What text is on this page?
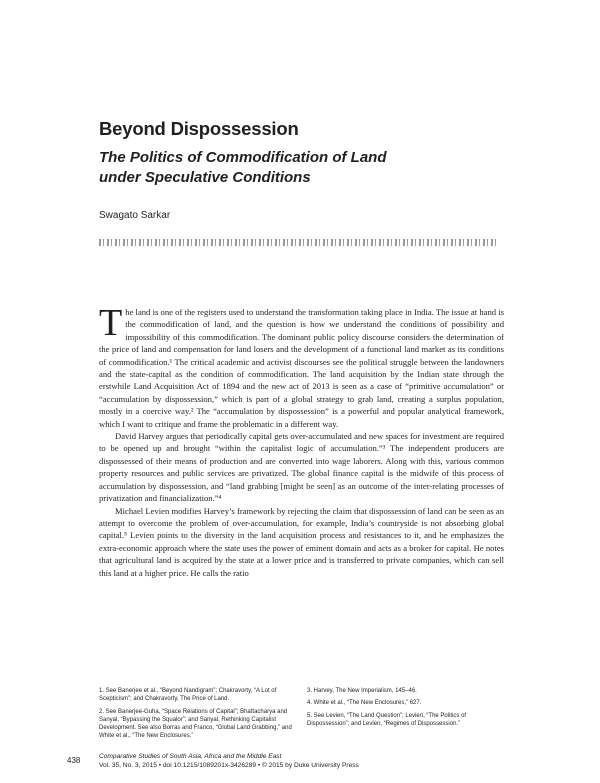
Beyond Dispossession
The Politics of Commodification of Land under Speculative Conditions
Swagato Sarkar

The land is one of the registers used to understand the transformation taking place in India. The issue at hand is the commodification of land, and the question is how we understand the conditions of possibility and impossibility of this commodification. The dominant public policy discourse considers the determination of the price of land and compensation for land losers and the development of a functional land market as its conditions of commodification.¹ The critical academic and activist discourses see the political struggle between the landowners and the state-capital as the condition of commodification. The land acquisition by the Indian state through the erstwhile Land Acquisition Act of 1894 and the new act of 2013 is seen as a case of “primitive accumulation” or “accumulation by dispossession,” which is part of a global strategy to grab land, creating a surplus population, mostly in a coercive way.² The “accumulation by dispossession” is a powerful and popular analytical framework, which I want to critique and frame the problematic in a different way.

David Harvey argues that periodically capital gets over-accumulated and new spaces for investment are required to be opened up and brought “within the capitalist logic of accumulation.”³ The independent producers are dispossessed of their means of production and are converted into wage laborers. Along with this, various common property resources and public services are privatized. The global finance capital is the midwife of this process of accumulation by dispossession, and “land grabbing [might be seen] as an outcome of the inter-relating processes of privatization and financialization.”⁴

Michael Levien modifies Harvey’s framework by rejecting the claim that dispossession of land can be seen as an attempt to overcome the problem of over-accumulation, for example, India’s countryside is not absorbing global capital.⁵ Levien points to the diversity in the land acquisition process and resistances to it, and he emphasizes the extra-economic approach where the state uses the power of eminent domain and acts as a broker for capital. He notes that agricultural land is acquired by the state at a lower price and is transferred to private companies, which can sell this land at a higher price. He calls the ratio

1. See Banerjee et al., “Beyond Nandigram”; Chakravorty, “A Lot of Scepticism”; and Chakravorty, The Price of Land.

2. See Banerjee-Guha, “Space Relations of Capital”; Bhattacharya and Sanyal, “Bypassing the Squalor”; and Sanyal, Rethinking Capitalist Development. See also Borras and Franco, “Global Land Grabbing,” and White et al., “The New Enclosures.”

3. Harvey, The New Imperialism, 145–46.

4. White et al., “The New Enclosures,” 627.

5. See Levien, “The Land Question”; Levien, “The Politics of Dispossession”; and Levien, “Regimes of Dispossession.”

438	Comparative Studies of South Asia, Africa and the Middle East
Vol. 35, No. 3, 2015 • doi 10.1215/1089201x-3426289 • © 2015 by Duke University Press
